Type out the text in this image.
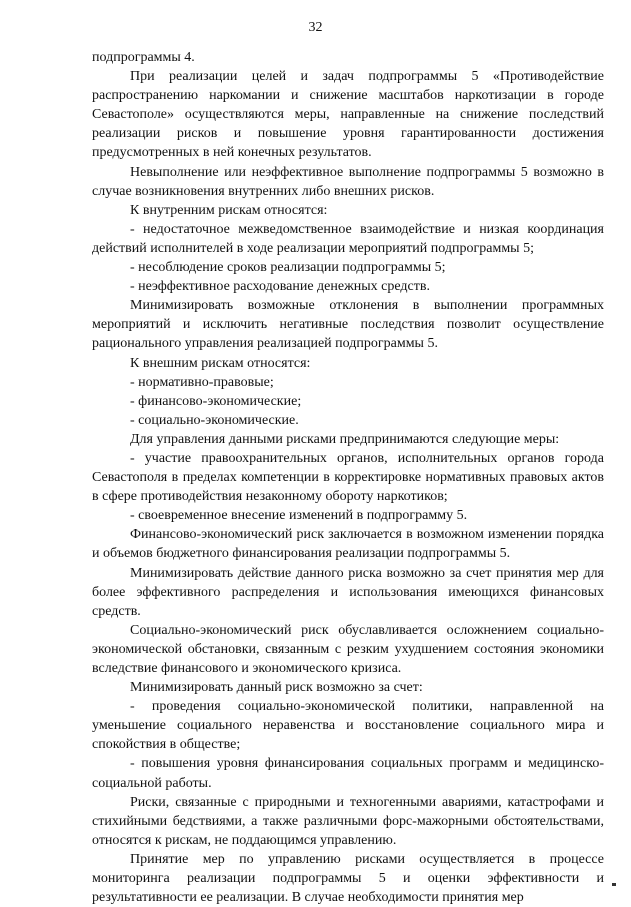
32

подпрограммы 4.

При реализации целей и задач подпрограммы 5 «Противодействие распространению наркомании и снижение масштабов наркотизации в городе Севастополе» осуществляются меры, направленные на снижение последствий реализации рисков и повышение уровня гарантированности достижения предусмотренных в ней конечных результатов.

Невыполнение или неэффективное выполнение подпрограммы 5 возможно в случае возникновения внутренних либо внешних рисков.

К внутренним рискам относятся:

- недостаточное межведомственное взаимодействие и низкая координация действий исполнителей в ходе реализации мероприятий подпрограммы 5;

- несоблюдение сроков реализации подпрограммы 5;

- неэффективное расходование денежных средств.

Минимизировать возможные отклонения в выполнении программных мероприятий и исключить негативные последствия позволит осуществление рационального управления реализацией подпрограммы 5.

К внешним рискам относятся:

- нормативно-правовые;

- финансово-экономические;

- социально-экономические.

Для управления данными рисками предпринимаются следующие меры:

- участие правоохранительных органов, исполнительных органов города Севастополя в пределах компетенции в корректировке нормативных правовых актов в сфере противодействия незаконному обороту наркотиков;

- своевременное внесение изменений в подпрограмму 5.

Финансово-экономический риск заключается в возможном изменении порядка и объемов бюджетного финансирования реализации подпрограммы 5.

Минимизировать действие данного риска возможно за счет принятия мер для более эффективного распределения и использования имеющихся финансовых средств.

Социально-экономический риск обуславливается осложнением социально-экономической обстановки, связанным с резким ухудшением состояния экономики вследствие финансового и экономического кризиса.

Минимизировать данный риск возможно за счет:

- проведения социально-экономической политики, направленной на уменьшение социального неравенства и восстановление социального мира и спокойствия в обществе;

- повышения уровня финансирования социальных программ и медицинско-социальной работы.

Риски, связанные с природными и техногенными авариями, катастрофами и стихийными бедствиями, а также различными форс-мажорными обстоятельствами, относятся к рискам, не поддающимся управлению.

Принятие мер по управлению рисками осуществляется в процессе мониторинга реализации подпрограммы 5 и оценки эффективности и результативности ее реализации. В случае необходимости принятия мер
